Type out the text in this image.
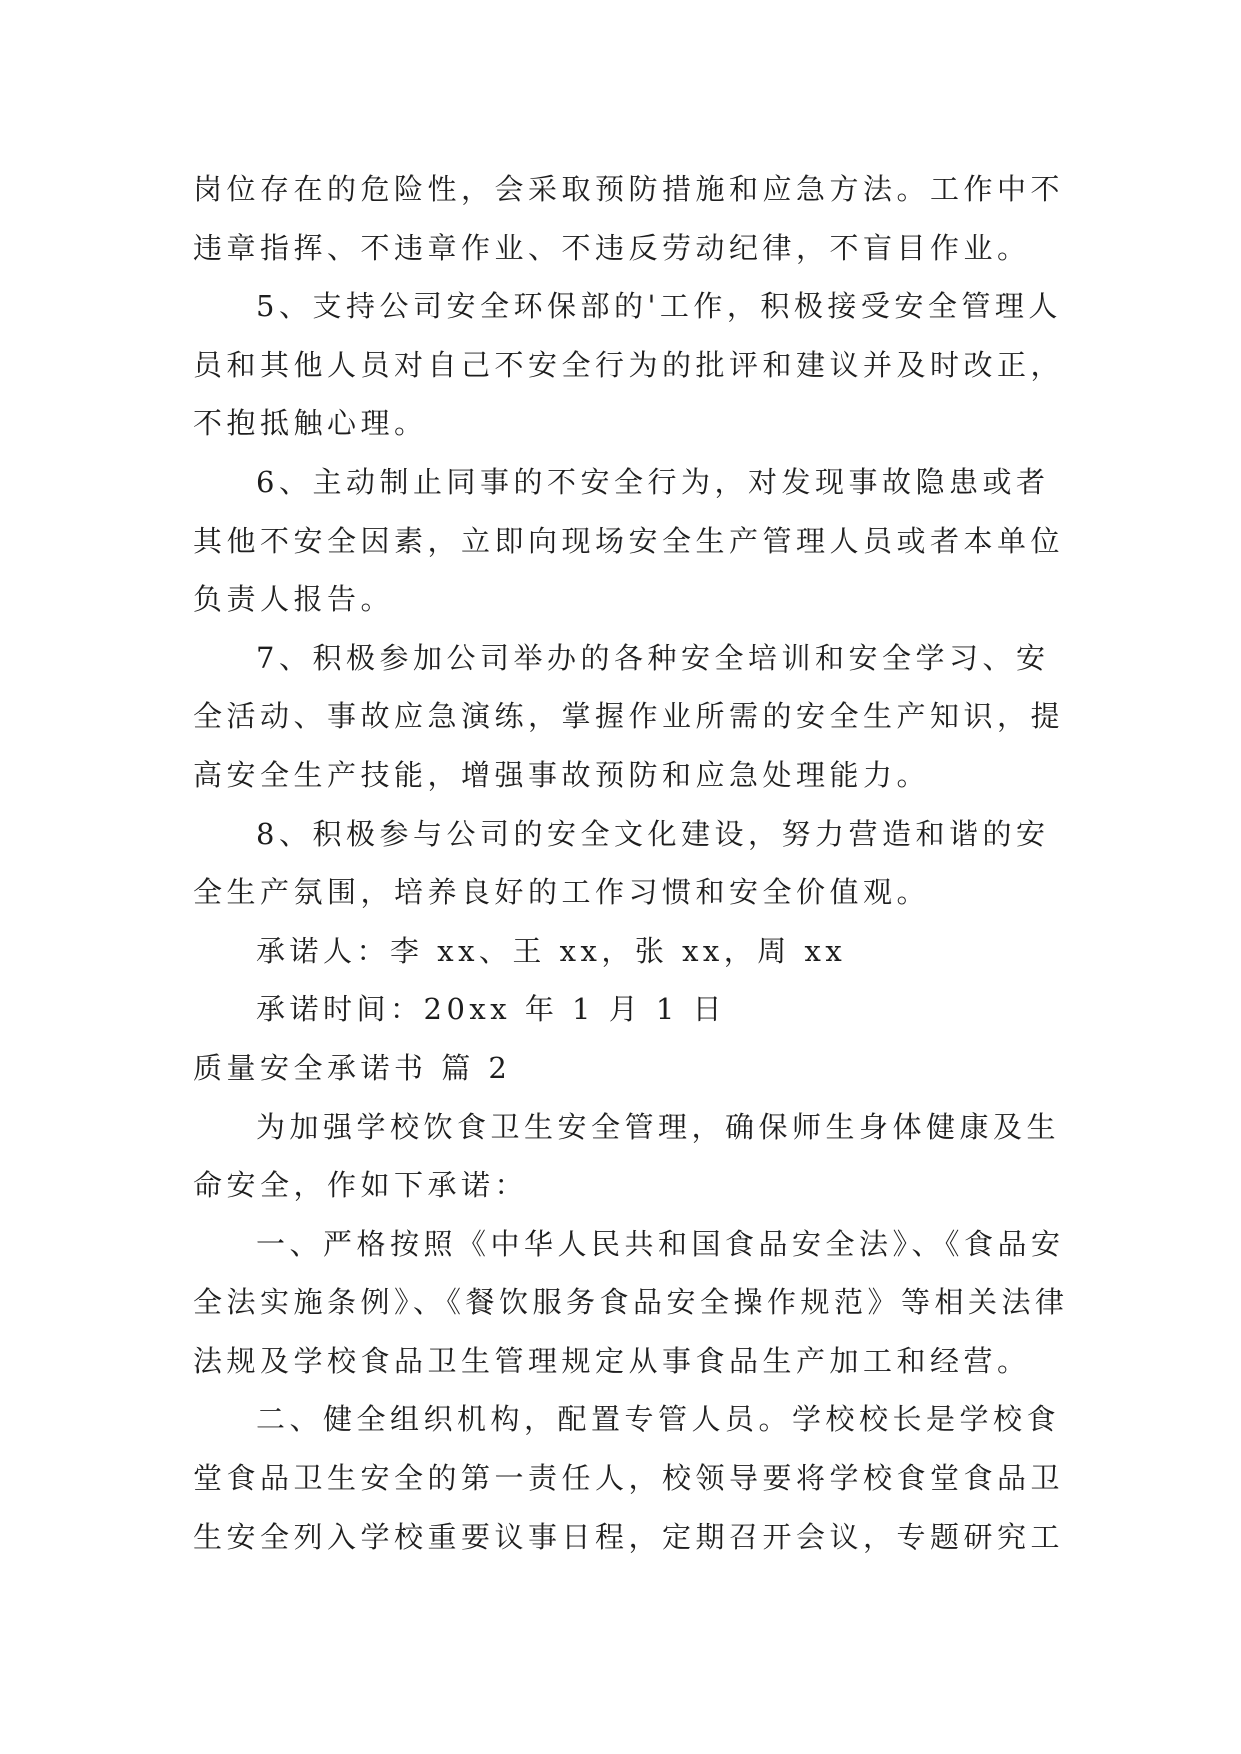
岗位存在的危险性，会采取预防措施和应急方法。工作中不
违章指挥、不违章作业、不违反劳动纪律，不盲目作业。
5、支持公司安全环保部的'工作，积极接受安全管理人
员和其他人员对自己不安全行为的批评和建议并及时改正，
不抱抵触心理。
6、主动制止同事的不安全行为，对发现事故隐患或者
其他不安全因素，立即向现场安全生产管理人员或者本单位
负责人报告。
7、积极参加公司举办的各种安全培训和安全学习、安
全活动、事故应急演练，掌握作业所需的安全生产知识，提
高安全生产技能，增强事故预防和应急处理能力。
8、积极参与公司的安全文化建设，努力营造和谐的安
全生产氛围，培养良好的工作习惯和安全价值观。
承诺人：李 xx、王 xx，张 xx，周 xx
承诺时间：20xx 年 1 月 1 日
质量安全承诺书 篇 2
为加强学校饮食卫生安全管理，确保师生身体健康及生
命安全，作如下承诺：
一、严格按照《中华人民共和国食品安全法》、《食品安
全法实施条例》、《餐饮服务食品安全操作规范》等相关法律
法规及学校食品卫生管理规定从事食品生产加工和经营。
二、健全组织机构，配置专管人员。学校校长是学校食
堂食品卫生安全的第一责任人，校领导要将学校食堂食品卫
生安全列入学校重要议事日程，定期召开会议，专题研究工
